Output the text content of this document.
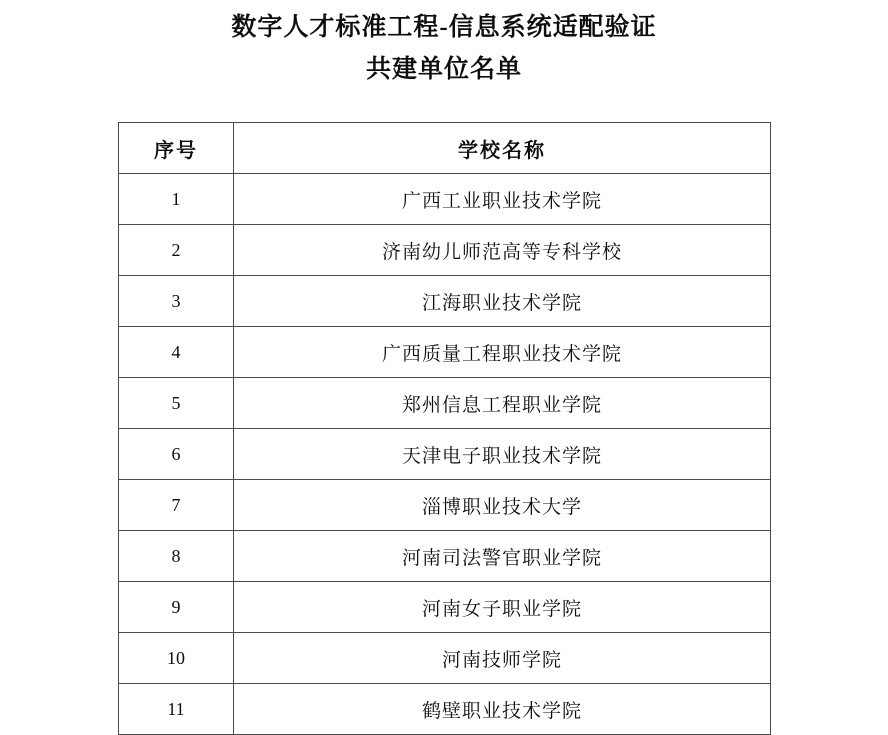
数字人才标准工程-信息系统适配验证
共建单位名单
序号	学校名称
1	广西工业职业技术学院
2	济南幼儿师范高等专科学校
3	江海职业技术学院
4	广西质量工程职业技术学院
5	郑州信息工程职业学院
6	天津电子职业技术学院
7	淄博职业技术大学
8	河南司法警官职业学院
9	河南女子职业学院
10	河南技师学院
11	鹤壁职业技术学院
